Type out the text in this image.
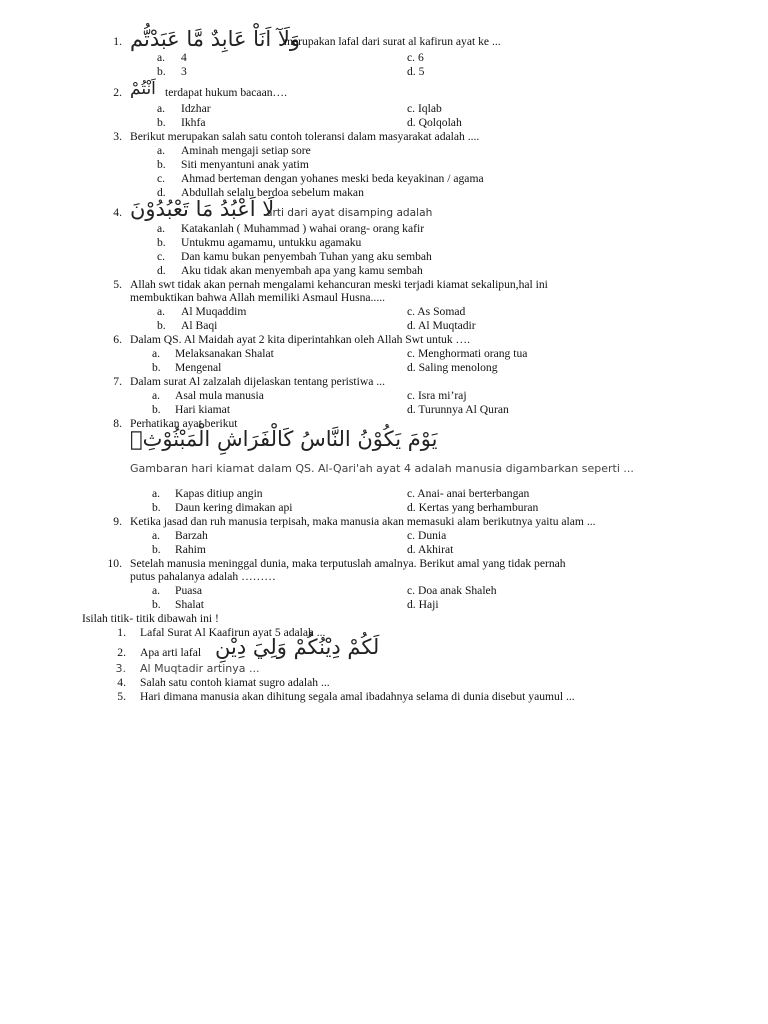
1. وَلَآ اَنَاْ عَابِدٌ مَّا عَبَدْتُّم
merupakan lafal dari surat al kafirun ayat ke ...
a.	4	c. 6
b.	3	d. 5
2. اَنْتُمْ terdapat hukum bacaan….
a.	Idzhar	c. Iqlab
b.	Ikhfa	d. Qolqolah
3. Berikut merupakan salah satu contoh toleransi dalam masyarakat adalah ....
a. Aminah mengaji setiap sore
b. Siti menyantuni anak yatim
c. Ahmad berteman dengan yohanes meski beda keyakinan / agama
d. Abdullah selalu berdoa sebelum makan
4. لَا اَعْبُدُ مَا تَعْبُدُوْنَ
arti dari ayat disamping adalah
a. Katakanlah ( Muhammad ) wahai orang- orang kafir
b. Untukmu agamamu, untukku agamaku
c. Dan kamu bukan penyembah Tuhan yang aku sembah
d. Aku tidak akan menyembah apa yang kamu sembah
5. Allah swt tidak akan pernah mengalami kehancuran meski terjadi kiamat sekalipun,hal ini
membuktikan bahwa Allah memiliki Asmaul Husna.....
a. Al Muqaddim	c. As Somad
b. Al Baqi	d. Al Muqtadir
6. Dalam QS. Al Maidah ayat 2 kita diperintahkan oleh Allah Swt untuk ….
a. Melaksanakan Shalat	c. Menghormati orang tua
b. Mengenal	d. Saling menolong
7. Dalam surat Al zalzalah dijelaskan tentang peristiwa ...
a. Asal mula manusia	c. Isra mi’raj
b. Hari kiamat	d. Turunnya Al Quran
8. Perhatikan ayat berikut
يَوْمَ يَكُوْنُ النَّاسُ كَالْفَرَاشِ الْمَبْثُوْثِۙ
Gambaran hari kiamat dalam QS. Al-Qari'ah ayat 4 adalah manusia digambarkan seperti ...
a. Kapas ditiup angin	c. Anai- anai berterbangan
b. Daun kering dimakan api	d. Kertas yang berhamburan
9. Ketika jasad dan ruh manusia terpisah, maka manusia akan memasuki alam berikutnya yaitu alam ...
a. Barzah	c. Dunia
b. Rahim	d. Akhirat
10. Setelah manusia meninggal dunia, maka terputuslah amalnya. Berikut amal yang tidak pernah
putus pahalanya adalah ………
a. Puasa	c. Doa anak Shaleh
b. Shalat	d. Haji
Isilah titik- titik dibawah ini !
1. Lafal Surat Al Kaafirun ayat 5 adalah ...
2. Apa arti lafal لَكُمْ دِيْنُكُمْ وَلِيَ دِيْنِ
3. Al Muqtadir artinya ...
4. Salah satu contoh kiamat sugro adalah ...
5. Hari dimana manusia akan dihitung segala amal ibadahnya selama di dunia disebut yaumul ...
